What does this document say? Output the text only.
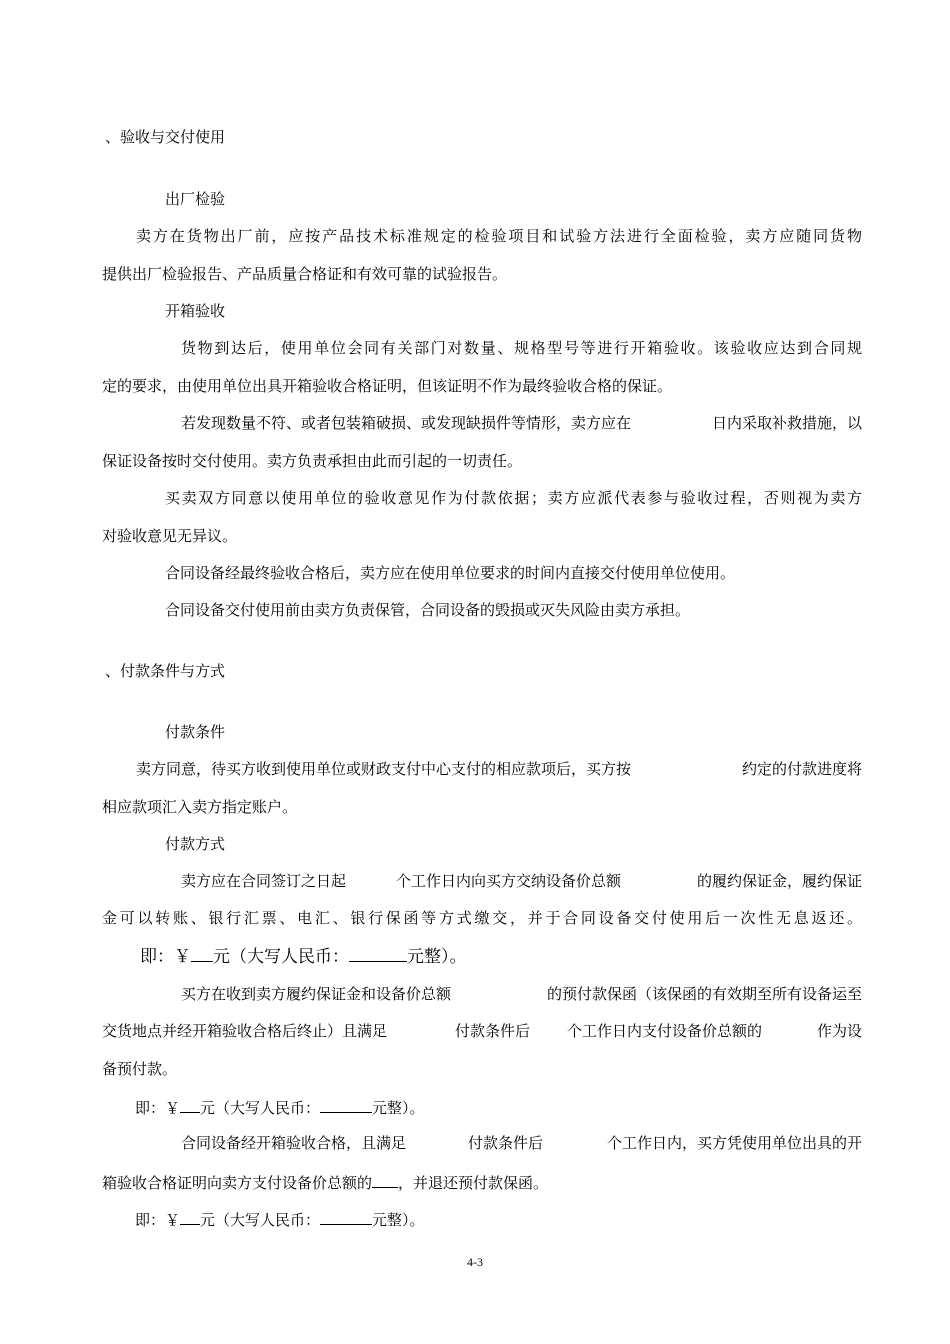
、验收与交付使用
出厂检验
卖方在货物出厂前，应按产品技术标准规定的检验项目和试验方法进行全面检验，卖方应随同货物
提供出厂检验报告、产品质量合格证和有效可靠的试验报告。
开箱验收
货物到达后，使用单位会同有关部门对数量、规格型号等进行开箱验收。该验收应达到合同规
定的要求，由使用单位出具开箱验收合格证明，但该证明不作为最终验收合格的保证。
若发现数量不符、或者包装箱破损、或发现缺损件等情形，卖方应在	日内采取补救措施，以
保证设备按时交付使用。卖方负责承担由此而引起的一切责任。
买卖双方同意以使用单位的验收意见作为付款依据；卖方应派代表参与验收过程，否则视为卖方
对验收意见无异议。
合同设备经最终验收合格后，卖方应在使用单位要求的时间内直接交付使用单位使用。
合同设备交付使用前由卖方负责保管，合同设备的毁损或灭失风险由卖方承担。
、付款条件与方式
付款条件
卖方同意，待买方收到使用单位或财政支付中心支付的相应款项后，买方按	约定的付款进度将
相应款项汇入卖方指定账户。
付款方式
卖方应在合同签订之日起	个工作日内向买方交纳设备价总额	的履约保证金，履约保证
金可以转账、银行汇票、电汇、银行保函等方式缴交，并于合同设备交付使用后一次性无息返还。
即：￥ 元（大写人民币：	元整）。
买方在收到卖方履约保证金和设备价总额	的预付款保函（该保函的有效期至所有设备运至
交货地点并经开箱验收合格后终止）且满足	付款条件后 个工作日内支付设备价总额的	作为设
备预付款。
即：￥ 元（大写人民币：	元整）。
合同设备经开箱验收合格，且满足	付款条件后	个工作日内，买方凭使用单位出具的开
箱验收合格证明向卖方支付设备价总额的 ，并退还预付款保函。
即：￥ 元（大写人民币：	元整）。
4-3
